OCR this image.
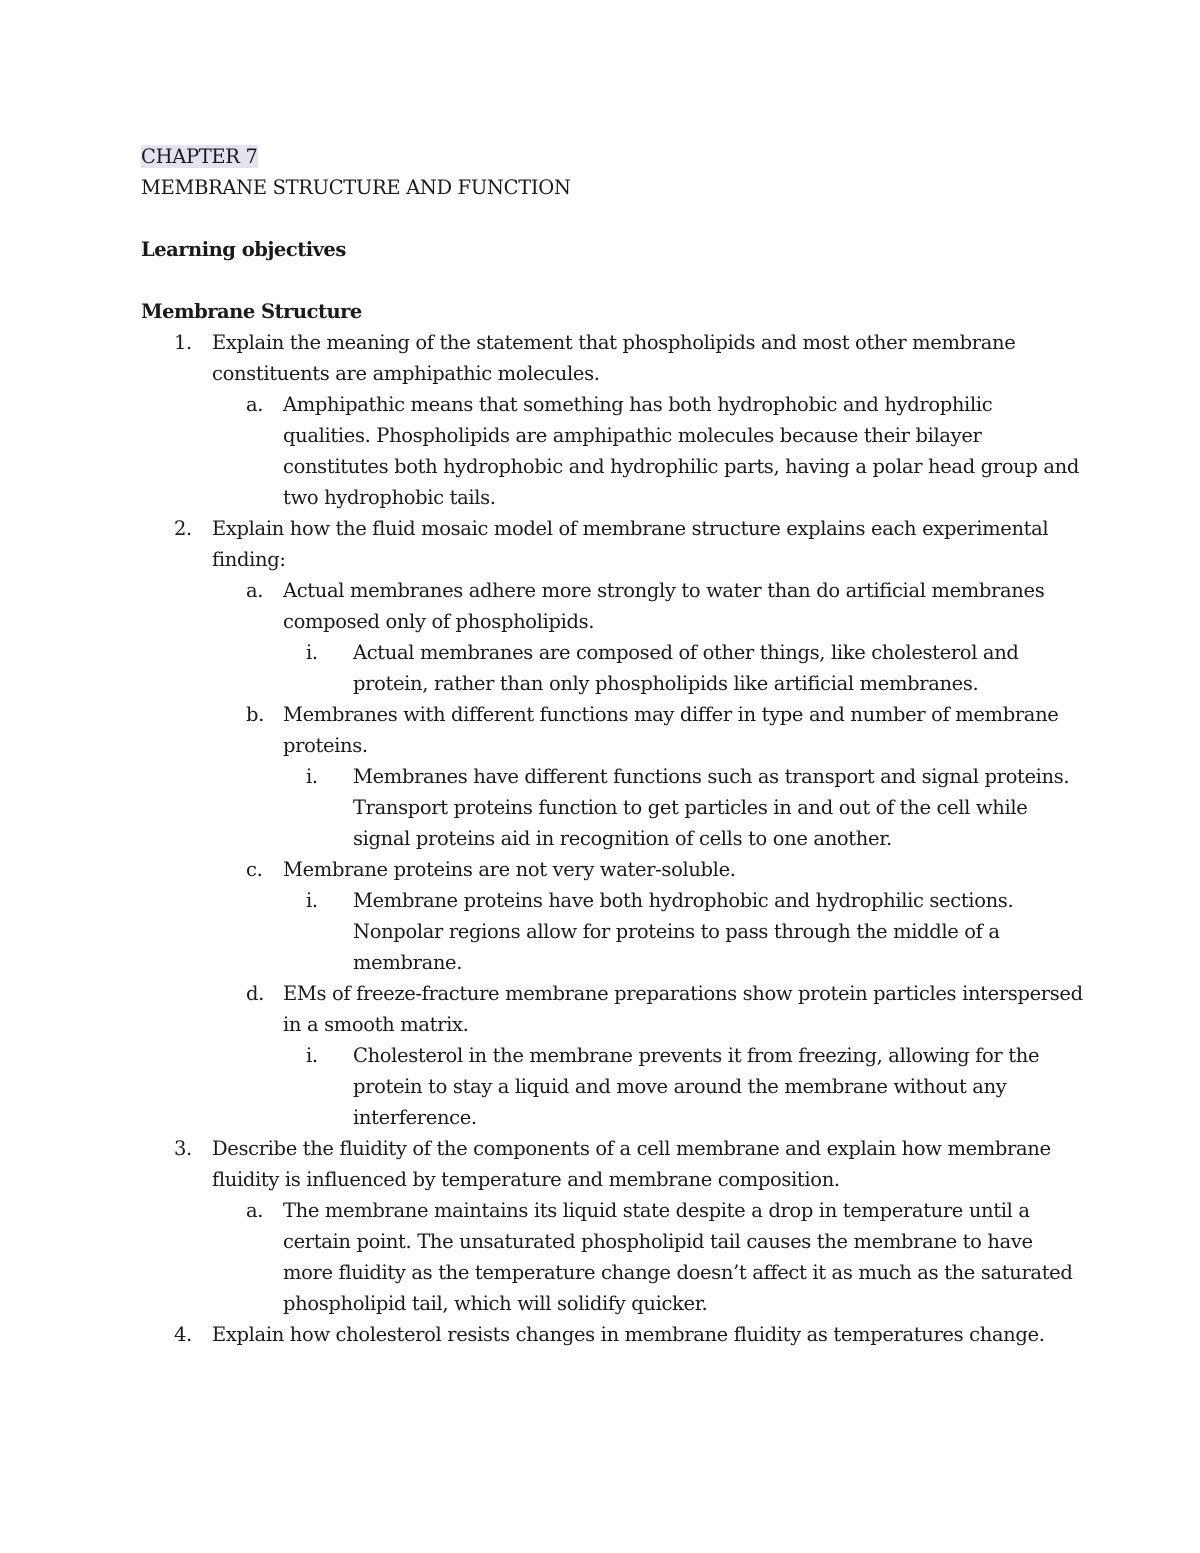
CHAPTER 7
MEMBRANE STRUCTURE AND FUNCTION
Learning objectives
Membrane Structure
1. Explain the meaning of the statement that phospholipids and most other membrane
constituents are amphipathic molecules.
a. Amphipathic means that something has both hydrophobic and hydrophilic
qualities. Phospholipids are amphipathic molecules because their bilayer
constitutes both hydrophobic and hydrophilic parts, having a polar head group and
two hydrophobic tails.
2. Explain how the fluid mosaic model of membrane structure explains each experimental
finding:
a. Actual membranes adhere more strongly to water than do artificial membranes
composed only of phospholipids.
i. Actual membranes are composed of other things, like cholesterol and
protein, rather than only phospholipids like artificial membranes.
b. Membranes with different functions may differ in type and number of membrane
proteins.
i. Membranes have different functions such as transport and signal proteins.
Transport proteins function to get particles in and out of the cell while
signal proteins aid in recognition of cells to one another.
c. Membrane proteins are not very water-soluble.
i. Membrane proteins have both hydrophobic and hydrophilic sections.
Nonpolar regions allow for proteins to pass through the middle of a
membrane.
d. EMs of freeze-fracture membrane preparations show protein particles interspersed
in a smooth matrix.
i. Cholesterol in the membrane prevents it from freezing, allowing for the
protein to stay a liquid and move around the membrane without any
interference.
3. Describe the fluidity of the components of a cell membrane and explain how membrane
fluidity is influenced by temperature and membrane composition.
a. The membrane maintains its liquid state despite a drop in temperature until a
certain point. The unsaturated phospholipid tail causes the membrane to have
more fluidity as the temperature change doesn’t affect it as much as the saturated
phospholipid tail, which will solidify quicker.
4. Explain how cholesterol resists changes in membrane fluidity as temperatures change.
